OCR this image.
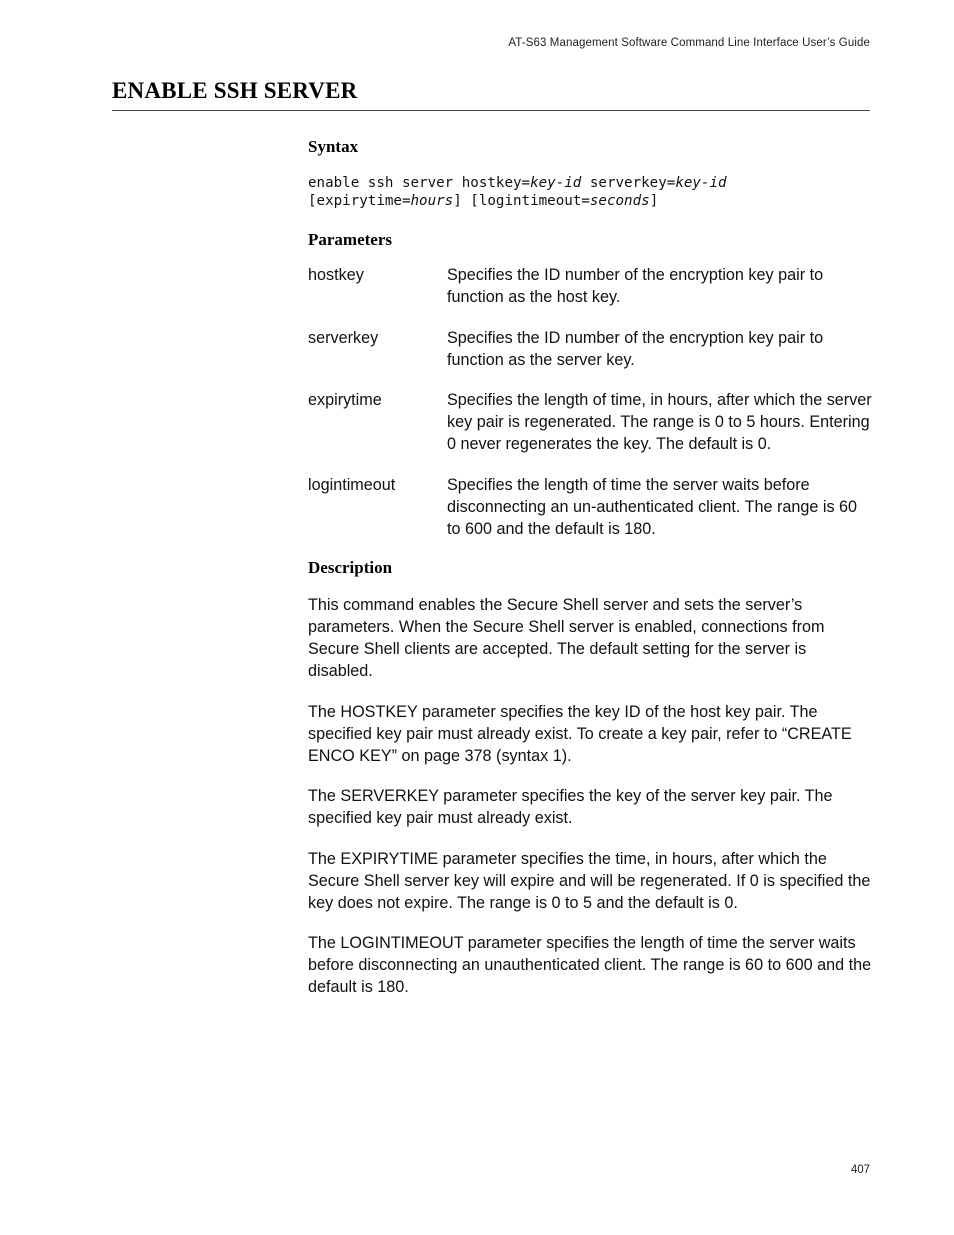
AT-S63 Management Software Command Line Interface User’s Guide
ENABLE SSH SERVER
Syntax
enable ssh server hostkey=key-id serverkey=key-id
[expirytime=hours] [logintimeout=seconds]
Parameters
hostkey	Specifies the ID number of the encryption key pair to function as the host key.
serverkey	Specifies the ID number of the encryption key pair to function as the server key.
expirytime	Specifies the length of time, in hours, after which the server key pair is regenerated. The range is 0 to 5 hours. Entering 0 never regenerates the key. The default is 0.
logintimeout	Specifies the length of time the server waits before disconnecting an un-authenticated client. The range is 60 to 600 and the default is 180.
Description

This command enables the Secure Shell server and sets the server’s parameters. When the Secure Shell server is enabled, connections from Secure Shell clients are accepted. The default setting for the server is disabled.

The HOSTKEY parameter specifies the key ID of the host key pair. The specified key pair must already exist. To create a key pair, refer to “CREATE ENCO KEY” on page 378 (syntax 1).

The SERVERKEY parameter specifies the key of the server key pair. The specified key pair must already exist.

The EXPIRYTIME parameter specifies the time, in hours, after which the Secure Shell server key will expire and will be regenerated. If 0 is specified the key does not expire. The range is 0 to 5 and the default is 0.

The LOGINTIMEOUT parameter specifies the length of time the server waits before disconnecting an unauthenticated client. The range is 60 to 600 and the default is 180.

407
